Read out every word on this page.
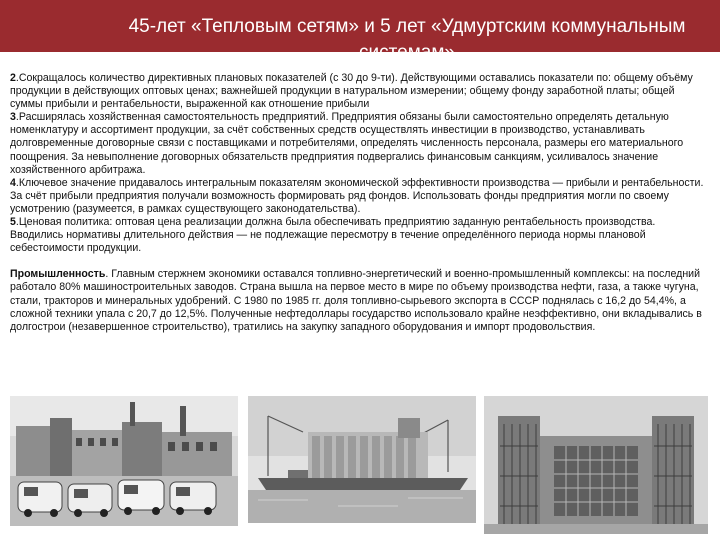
45-лет «Тепловым сетям» и 5 лет «Удмуртским коммунальным системам»

2.Сокращалось количество директивных плановых показателей (с 30 до 9-ти). Действующими оставались показатели по: общему объёму продукции в действующих оптовых ценах; важнейшей продукции в натуральном измерении; общему фонду заработной платы; общей суммы прибыли и рентабельности, выраженной как отношение прибыли

3.Расширялась хозяйственная самостоятельность предприятий. Предприятия обязаны были самостоятельно определять детальную номенклатуру и ассортимент продукции, за счёт собственных средств осуществлять инвестиции в производство, устанавливать долговременные договорные связи с поставщиками и потребителями, определять численность персонала, размеры его материального поощрения. За невыполнение договорных обязательств предприятия подвергались финансовым санкциям, усиливалось значение хозяйственного арбитража.

4.Ключевое значение придавалось интегральным показателям экономической эффективности производства — прибыли и рентабельности. За счёт прибыли предприятия получали возможность формировать ряд фондов. Использовать фонды предприятия могли по своему усмотрению (разумеется, в рамках существующего законодательства).

5.Ценовая политика: оптовая цена реализации должна была обеспечивать предприятию заданную рентабельность производства. Вводились нормативы длительного действия — не подлежащие пересмотру в течение определённого периода нормы плановой себестоимости продукции.

Промышленность. Главным стержнем экономики оставался топливно-энергетический и военно-промышленный комплексы: на последний работало 80% машиностроительных заводов. Страна вышла на первое место в мире по объему производства нефти, газа, а также чугуна, стали, тракторов и минеральных удобрений. С 1980 по 1985 гг. доля топливно-сырьевого экспорта в СССР поднялась с 16,2 до 54,4%, а сложной техники упала с 20,7 до 12,5%. Полученные нефтедоллары государство использовало крайне неэффективно, они вкладывались в долгострои (незавершенное строительство), тратились на закупку западного оборудования и импорт продовольствия.
